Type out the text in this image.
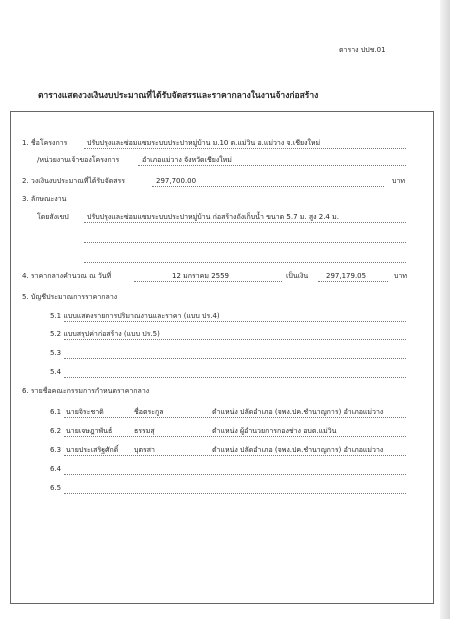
ตาราง ปปช.01
ตารางแสดงวงเงินงบประมาณที่ได้รับจัดสรรและราคากลางในงานจ้างก่อสร้าง
1. ชื่อโครงการ	ปรับปรุงและซ่อมแซมระบบประปาหมู่บ้าน ม.10 ต.แม่วิน อ.แม่วาง จ.เชียงใหม่
/หน่วยงานเจ้าของโครงการ	อำเภอแม่วาง จังหวัดเชียงใหม่
2. วงเงินงบประมาณที่ได้รับจัดสรร	297,700.00	บาท
3. ลักษณะงาน
โดยสังเขป	ปรับปรุงและซ่อมแซมระบบประปาหมู่บ้าน ก่อสร้างถังเก็บน้ำ ขนาด 5.7 ม. สูง 2.4 ม.
4. ราคากลางคำนวณ ณ วันที่	12 มกราคม 2559	เป็นเงิน	297,179.05	บาท
5. บัญชีประมาณการราคากลาง
5.1 แบบแสดงรายการปริมาณงานและราคา (แบบ ปร.4)
5.2 แบบสรุปค่าก่อสร้าง (แบบ ปร.5)
5.3
5.4
6. รายชื่อคณะกรรมการกำหนดราคากลาง
6.1 นายจิระชาติ	ชื่อตระกูล	ตำแหน่ง ปลัดอำเภอ (จพง.ปค.ชำนาญการ) อำเภอแม่วาง
6.2 นายเจษฎาพันธ์	ธรรมสุ	ตำแหน่ง ผู้อำนวยการกองช่าง อบต.แม่วิน
6.3 นายประเสริฐศักดิ์ บุตรสา	ตำแหน่ง ปลัดอำเภอ (จพง.ปค.ชำนาญการ) อำเภอแม่วาง
6.4
6.5
